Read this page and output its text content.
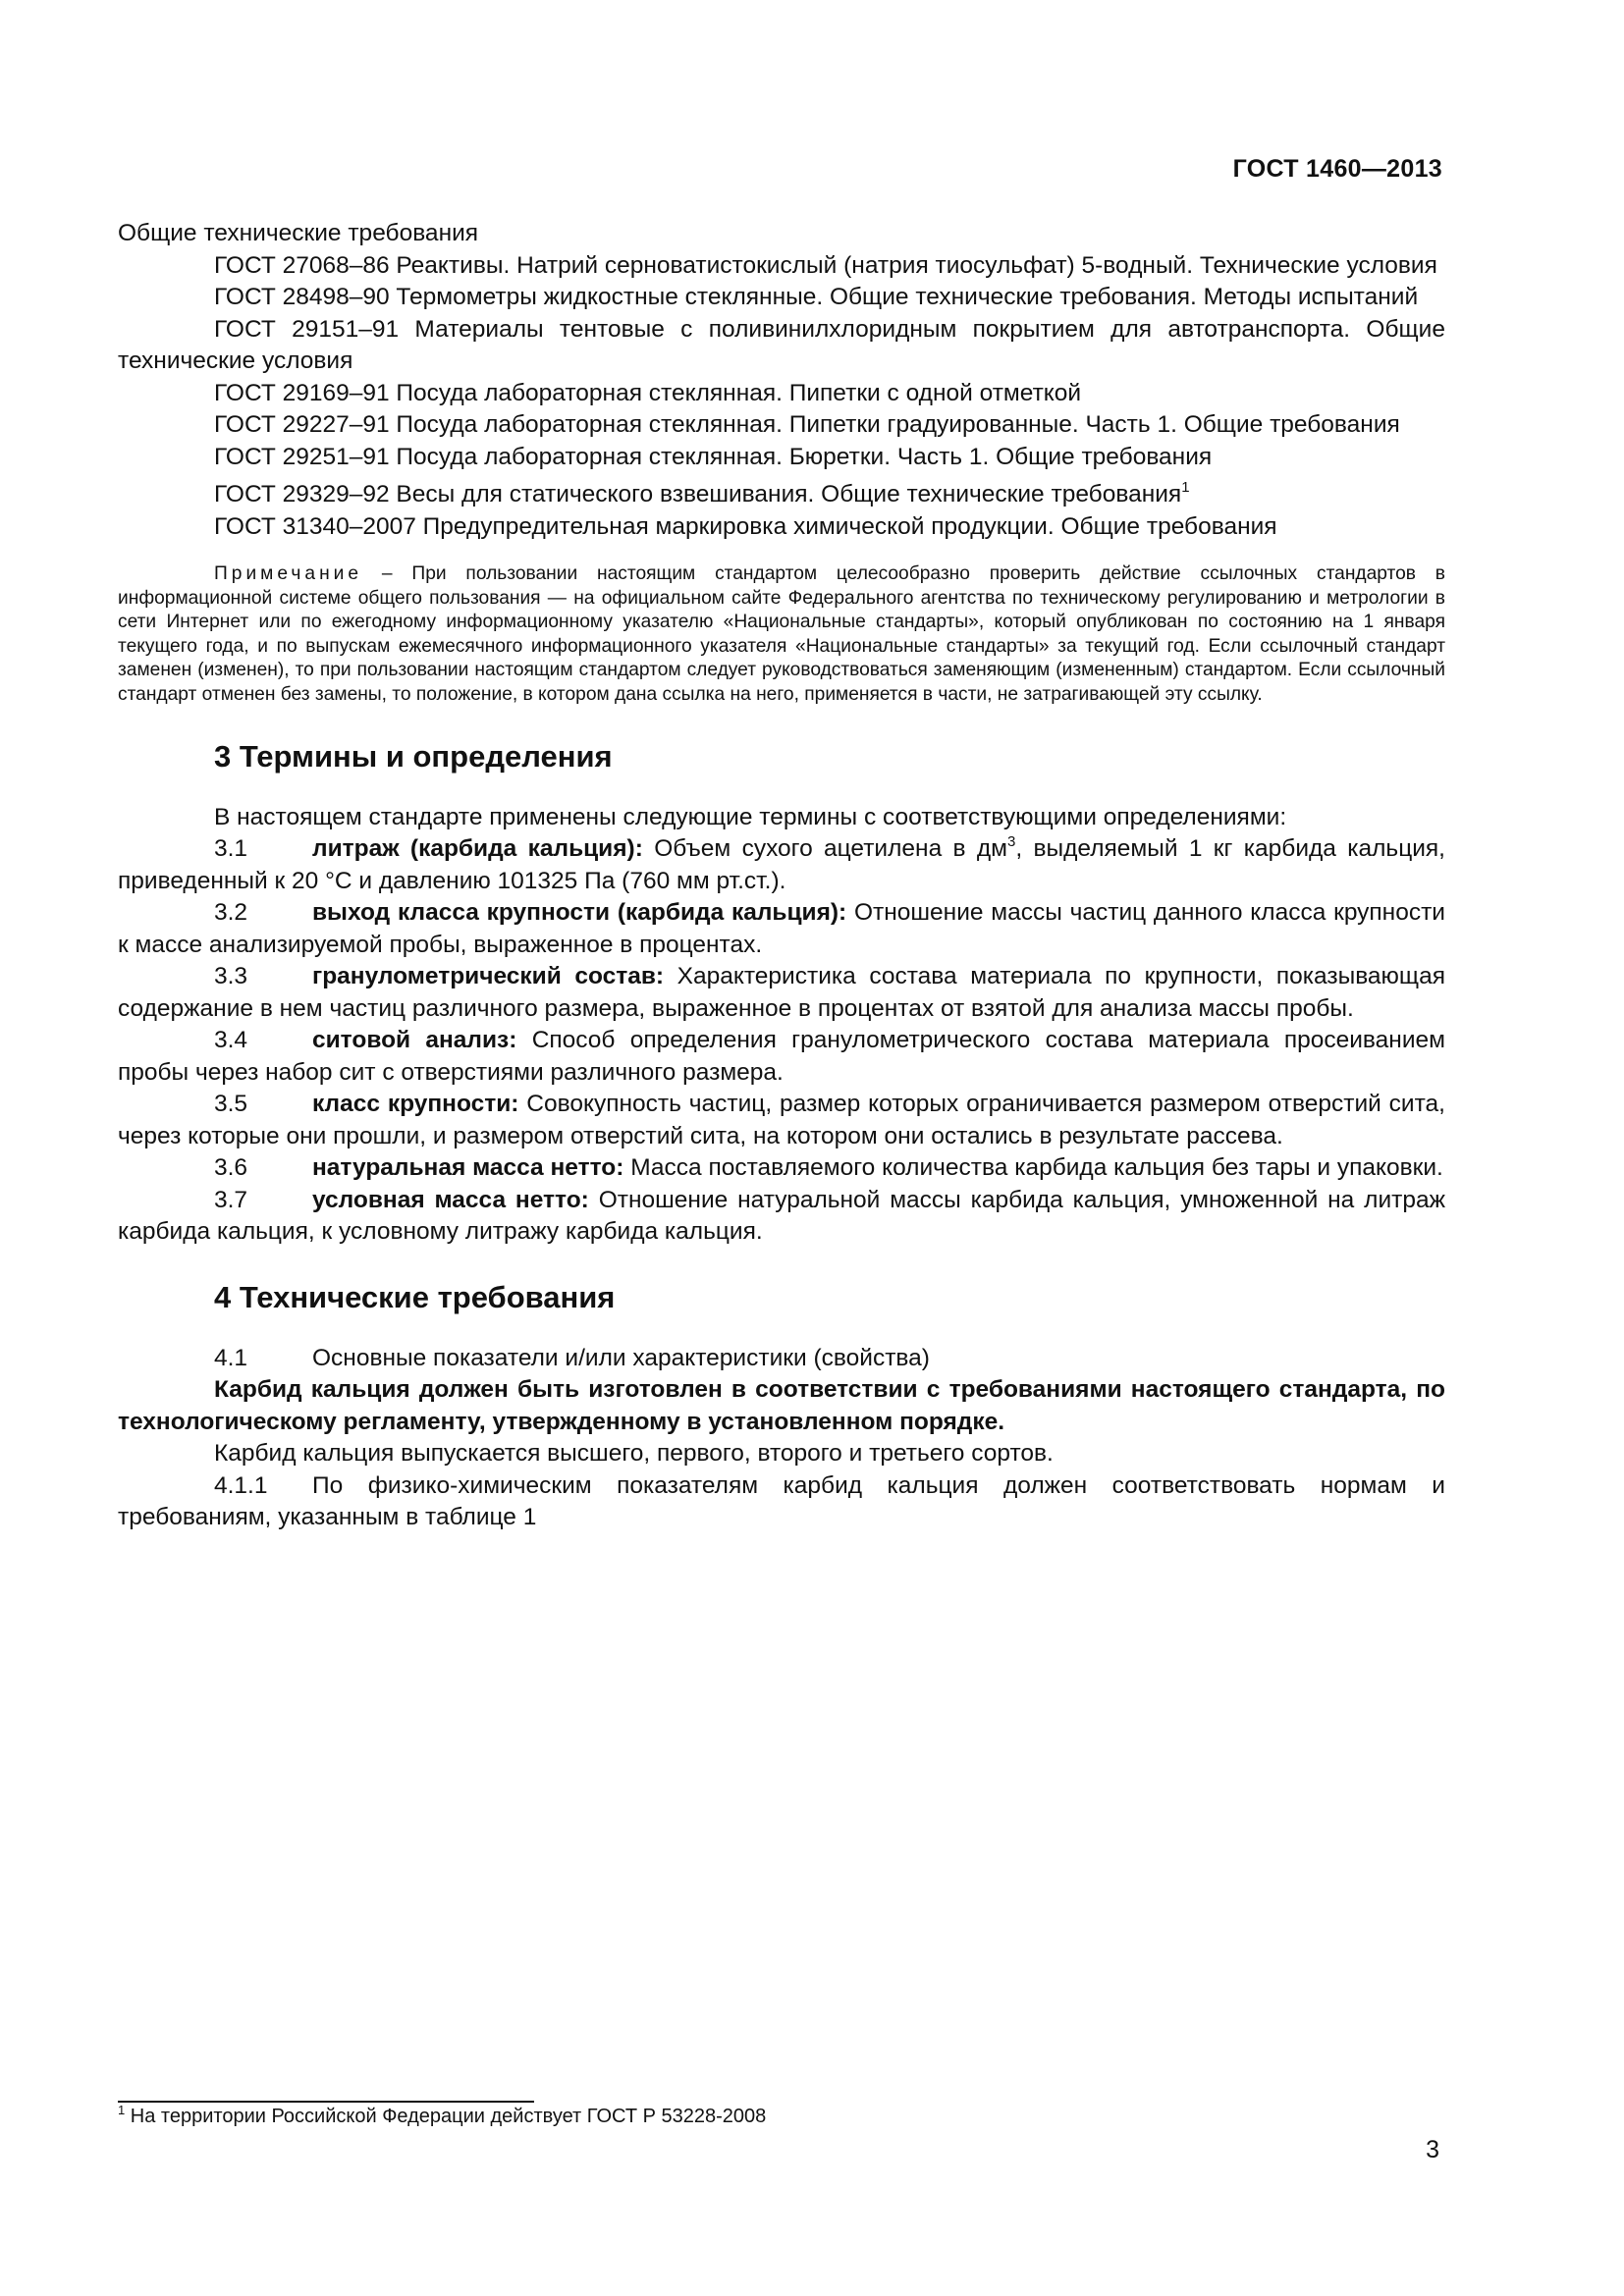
ГОСТ 1460—2013

Общие технические требования

ГОСТ 27068–86 Реактивы. Натрий серноватистокислый (натрия тиосульфат) 5-водный. Технические условия

ГОСТ 28498–90 Термометры жидкостные стеклянные. Общие технические требования. Методы испытаний

ГОСТ 29151–91 Материалы тентовые с поливинилхлоридным покрытием для автотранспорта. Общие технические условия

ГОСТ 29169–91 Посуда лабораторная стеклянная. Пипетки с одной отметкой

ГОСТ 29227–91 Посуда лабораторная стеклянная. Пипетки градуированные. Часть 1. Общие требования

ГОСТ 29251–91 Посуда лабораторная стеклянная. Бюретки. Часть 1. Общие требования

ГОСТ 29329–92 Весы для статического взвешивания. Общие технические требования$^1$

ГОСТ 31340–2007 Предупредительная маркировка химической продукции. Общие требования

Примечание – При пользовании настоящим стандартом целесообразно проверить действие ссылочных стандартов в информационной системе общего пользования — на официальном сайте Федерального агентства по техническому регулированию и метрологии в сети Интернет или по ежегодному информационному указателю «Национальные стандарты», который опубликован по состоянию на 1 января текущего года, и по выпускам ежемесячного информационного указателя «Национальные стандарты» за текущий год. Если ссылочный стандарт заменен (изменен), то при пользовании настоящим стандартом следует руководствоваться заменяющим (измененным) стандартом. Если ссылочный стандарт отменен без замены, то положение, в котором дана ссылка на него, применяется в части, не затрагивающей эту ссылку.

3 Термины и определения

В настоящем стандарте применены следующие термины с соответствующими определениями:

3.1	литраж (карбида кальция): Объем сухого ацетилена в $дм^3$, выделяемый 1 кг карбида кальция, приведенный к 20 °С и давлению 101325 Па (760 мм рт.ст.).

3.2	выход класса крупности (карбида кальция): Отношение массы частиц данного класса крупности к массе анализируемой пробы, выраженное в процентах.

3.3	гранулометрический состав: Характеристика состава материала по крупности, показывающая содержание в нем частиц различного размера, выраженное в процентах от взятой для анализа массы пробы.

3.4	ситовой анализ: Способ определения гранулометрического состава материала просеиванием пробы через набор сит с отверстиями различного размера.

3.5	класс крупности: Совокупность частиц, размер которых ограничивается размером отверстий сита, через которые они прошли, и размером отверстий сита, на котором они остались в результате рассева.

3.6	натуральная масса нетто: Масса поставляемого количества карбида кальция без тары и упаковки.

3.7	условная масса нетто: Отношение натуральной массы карбида кальция, умноженной на литраж карбида кальция, к условному литражу карбида кальция.

4 Технические требования

4.1	Основные показатели и/или характеристики (свойства)

Карбид кальция должен быть изготовлен в соответствии с требованиями настоящего стандарта, по технологическому регламенту, утвержденному в установленном порядке.

Карбид кальция выпускается высшего, первого, второго и третьего сортов.

4.1.1 По физико-химическим показателям карбид кальция должен соответствовать нормам и требованиям, указанным в таблице 1

$^1$ На территории Российской Федерации действует ГОСТ Р 53228-2008
3
